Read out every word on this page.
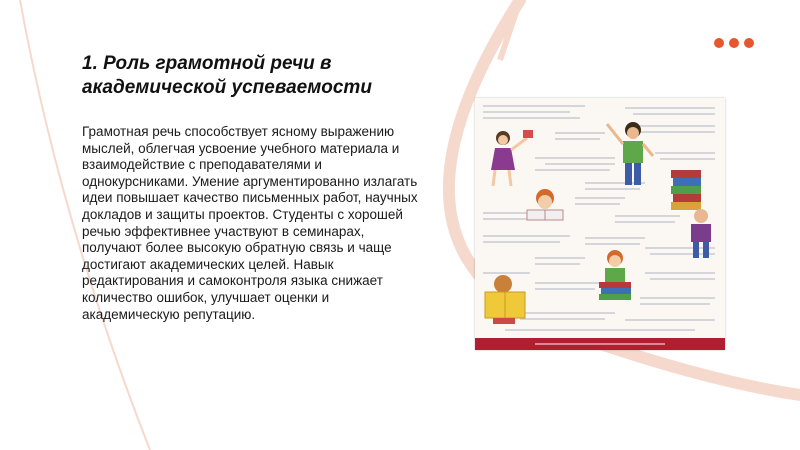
1. Роль грамотной речи в академической успеваемости

Грамотная речь способствует ясному выражению мыслей, облегчая усвоение учебного материала и взаимодействие с преподавателями и однокурсниками. Умение аргументированно излагать идеи повышает качество письменных работ, научных докладов и защиты проектов. Студенты с хорошей речью эффективнее участвуют в семинарах, получают более высокую обратную связь и чаще достигают академических целей. Навык редактирования и самоконтроля языка снижает количество ошибок, улучшает оценки и академическую репутацию.
